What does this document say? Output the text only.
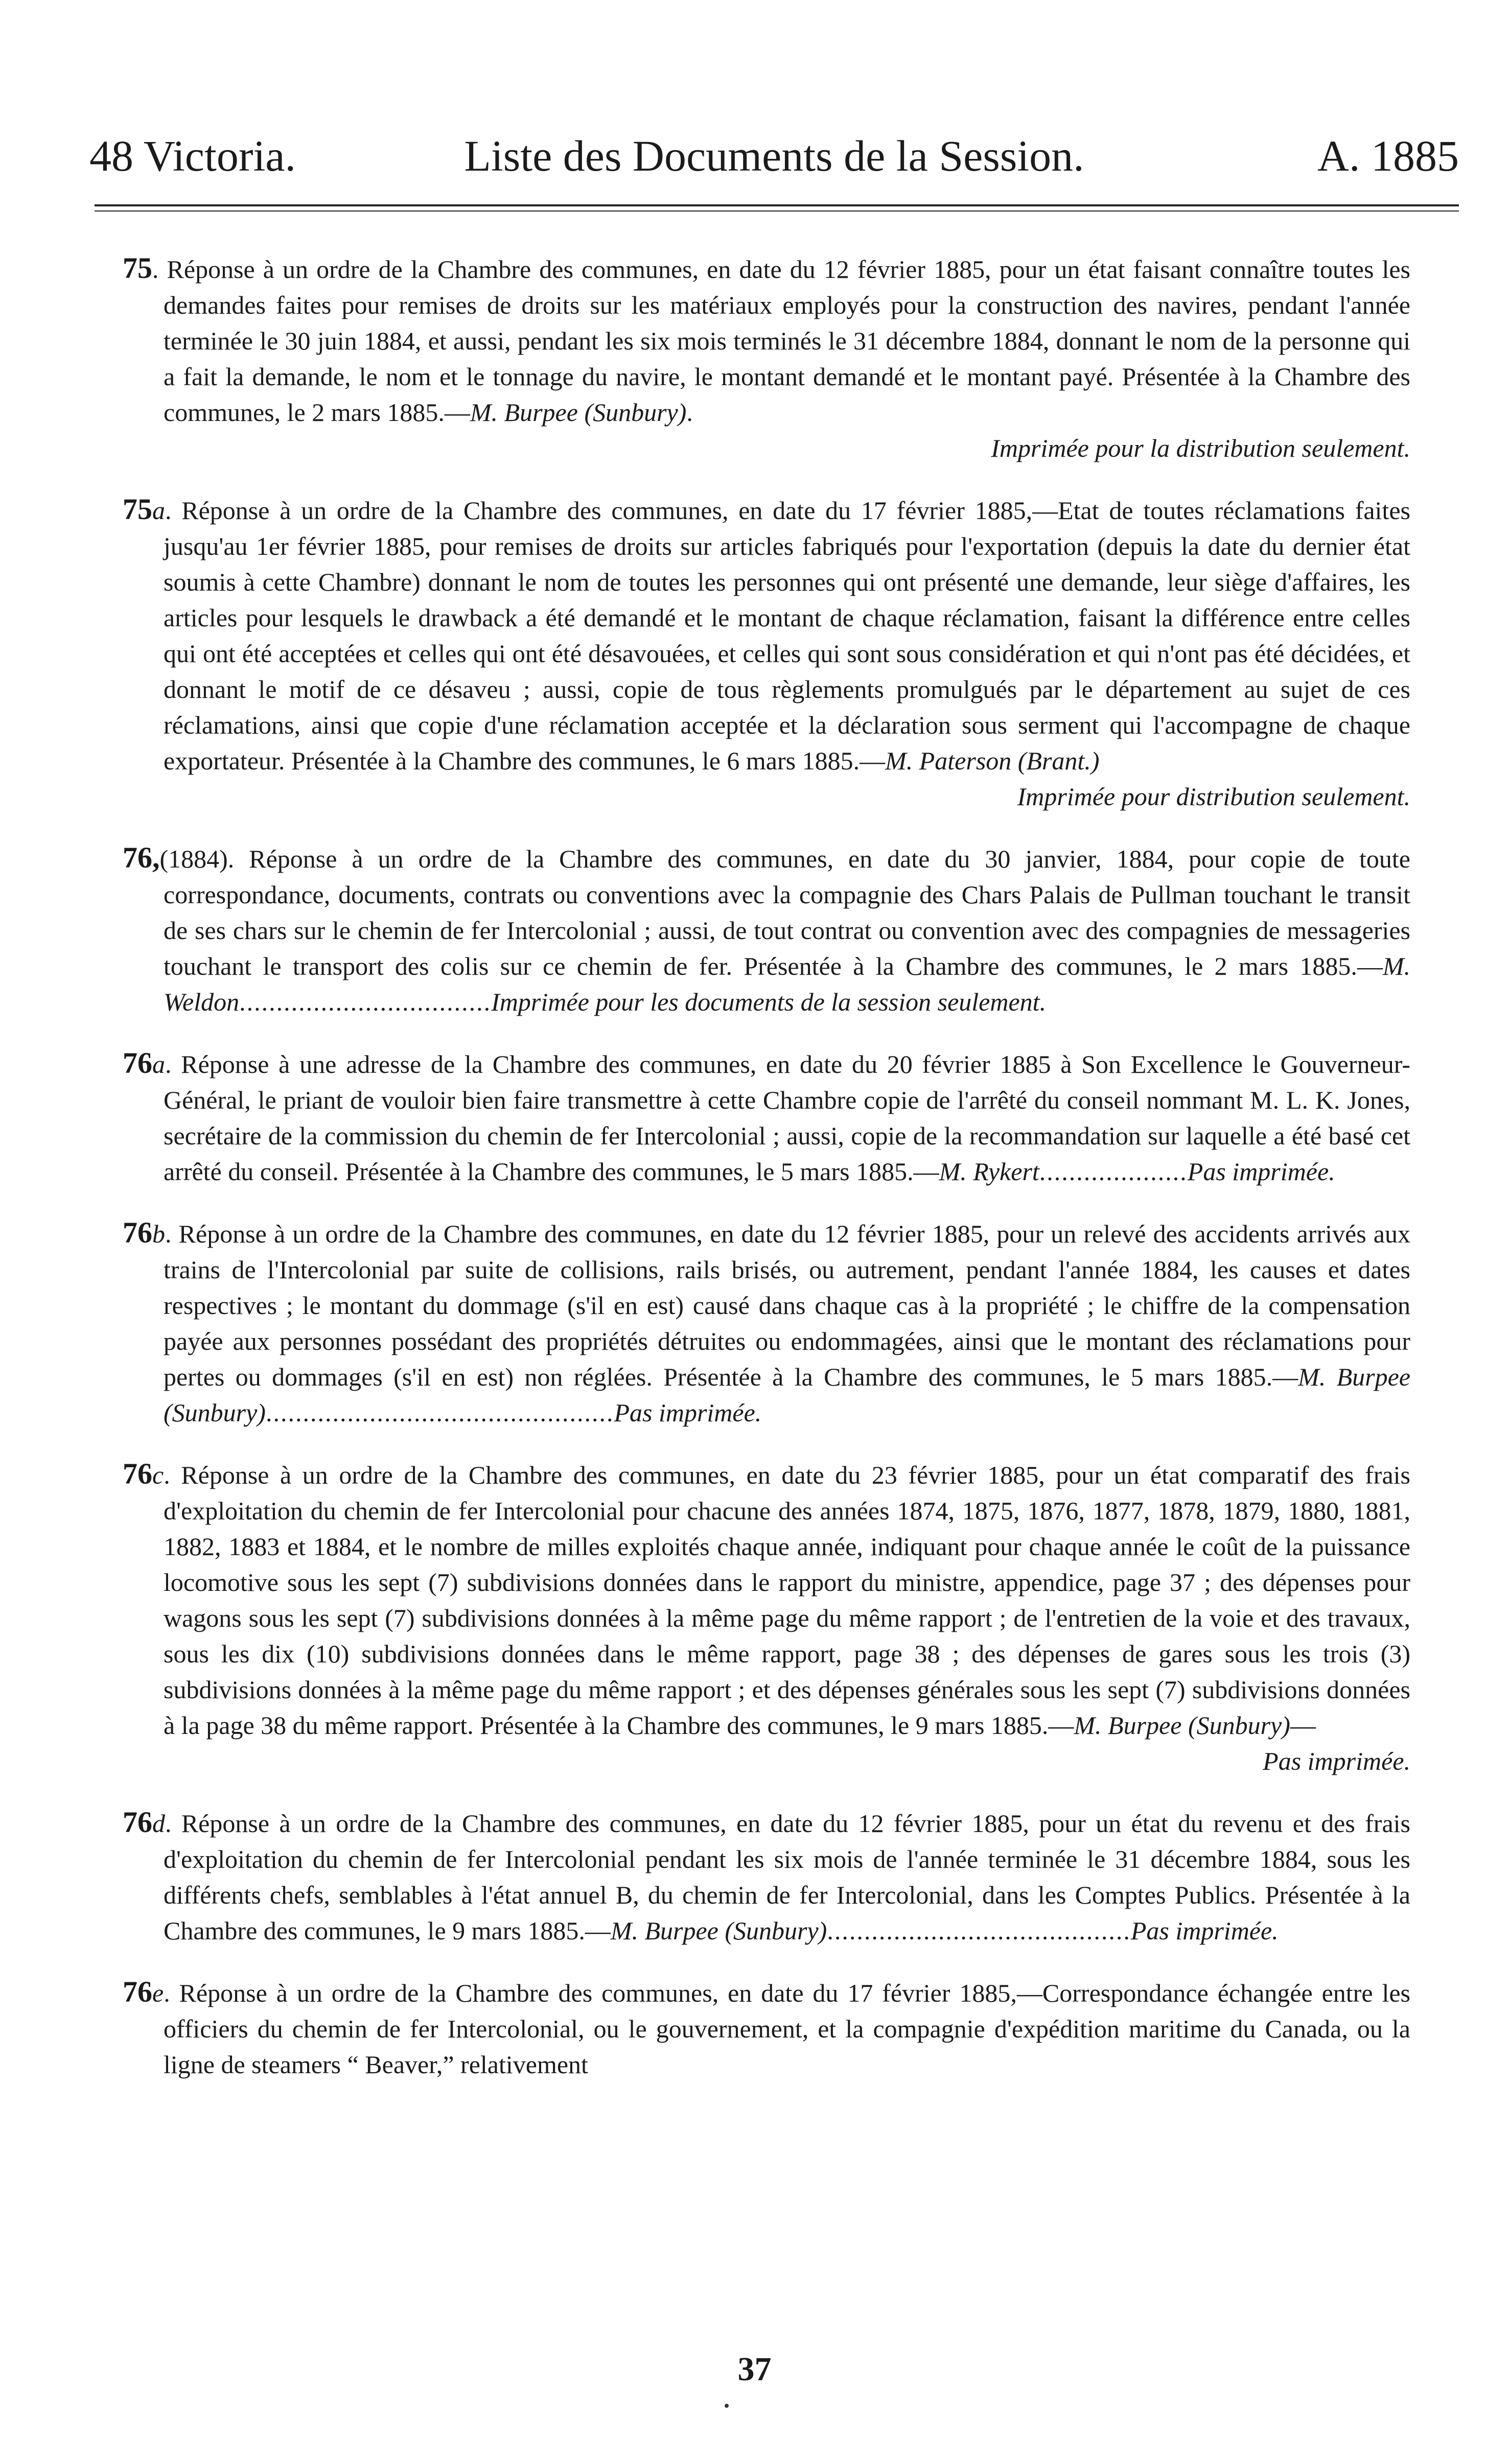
48 Victoria.	Liste des Documents de la Session.	A. 1885

75. Réponse à un ordre de la Chambre des communes, en date du 12 février 1885, pour un état faisant connaître toutes les demandes faites pour remises de droits sur les matériaux employés pour la construction des navires, pendant l'année terminée le 30 juin 1884, et aussi, pendant les six mois terminés le 31 décembre 1884, donnant le nom de la personne qui a fait la demande, le nom et le tonnage du navire, le montant demandé et le montant payé. Présentée à la Chambre des communes, le 2 mars 1885.—M. Burpee (Sunbury).
Imprimée pour la distribution seulement.

75a. Réponse à un ordre de la Chambre des communes, en date du 17 février 1885,—Etat de toutes réclamations faites jusqu'au 1er février 1885, pour remises de droits sur articles fabriqués pour l'exportation (depuis la date du dernier état soumis à cette Chambre) donnant le nom de toutes les personnes qui ont présenté une demande, leur siège d'affaires, les articles pour lesquels le drawback a été demandé et le montant de chaque réclamation, faisant la différence entre celles qui ont été acceptées et celles qui ont été désavouées, et celles qui sont sous considération et qui n'ont pas été décidées, et donnant le motif de ce désaveu ; aussi, copie de tous règlements promulgués par le département au sujet de ces réclamations, ainsi que copie d'une réclamation acceptée et la déclaration sous serment qui l'accompagne de chaque exportateur. Présentée à la Chambre des communes, le 6 mars 1885.—M. Paterson (Brant.)
Imprimée pour distribution seulement.

76,(1884). Réponse à un ordre de la Chambre des communes, en date du 30 janvier, 1884, pour copie de toute correspondance, documents, contrats ou conventions avec la compagnie des Chars Palais de Pullman touchant le transit de ses chars sur le chemin de fer Intercolonial ; aussi, de tout contrat ou convention avec des compagnies de messageries touchant le transport des colis sur ce chemin de fer. Présentée à la Chambre des communes, le 2 mars 1885.—M. Weldon..................................Imprimée pour les documents de la session seulement.

76a. Réponse à une adresse de la Chambre des communes, en date du 20 février 1885 à Son Excellence le Gouverneur-Général, le priant de vouloir bien faire transmettre à cette Chambre copie de l'arrêté du conseil nommant M. L. K. Jones, secrétaire de la commission du chemin de fer Intercolonial ; aussi, copie de la recommandation sur laquelle a été basé cet arrêté du conseil. Présentée à la Chambre des communes, le 5 mars 1885.—M. Rykert....................Pas imprimée.

76b. Réponse à un ordre de la Chambre des communes, en date du 12 février 1885, pour un relevé des accidents arrivés aux trains de l'Intercolonial par suite de collisions, rails brisés, ou autrement, pendant l'année 1884, les causes et dates respectives ; le montant du dommage (s'il en est) causé dans chaque cas à la propriété ; le chiffre de la compensation payée aux personnes possédant des propriétés détruites ou endommagées, ainsi que le montant des réclamations pour pertes ou dommages (s'il en est) non réglées. Présentée à la Chambre des communes, le 5 mars 1885.—M. Burpee (Sunbury)...............................................Pas imprimée.

76c. Réponse à un ordre de la Chambre des communes, en date du 23 février 1885, pour un état comparatif des frais d'exploitation du chemin de fer Intercolonial pour chacune des années 1874, 1875, 1876, 1877, 1878, 1879, 1880, 1881, 1882, 1883 et 1884, et le nombre de milles exploités chaque année, indiquant pour chaque année le coût de la puissance locomotive sous les sept (7) subdivisions données dans le rapport du ministre, appendice, page 37 ; des dépenses pour wagons sous les sept (7) subdivisions données à la même page du même rapport ; de l'entretien de la voie et des travaux, sous les dix (10) subdivisions données dans le même rapport, page 38 ; des dépenses de gares sous les trois (3) subdivisions données à la même page du même rapport ; et des dépenses générales sous les sept (7) subdivisions données à la page 38 du même rapport. Présentée à la Chambre des communes, le 9 mars 1885.—M. Burpee (Sunbury)—
Pas imprimée.

76d. Réponse à un ordre de la Chambre des communes, en date du 12 février 1885, pour un état du revenu et des frais d'exploitation du chemin de fer Intercolonial pendant les six mois de l'année terminée le 31 décembre 1884, sous les différents chefs, semblables à l'état annuel B, du chemin de fer Intercolonial, dans les Comptes Publics. Présentée à la Chambre des communes, le 9 mars 1885.—M. Burpee (Sunbury).........................................Pas imprimée.

76e. Réponse à un ordre de la Chambre des communes, en date du 17 février 1885,—Correspondance échangée entre les officiers du chemin de fer Intercolonial, ou le gouvernement, et la compagnie d'expédition maritime du Canada, ou la ligne de steamers “ Beaver,” relativement

37
